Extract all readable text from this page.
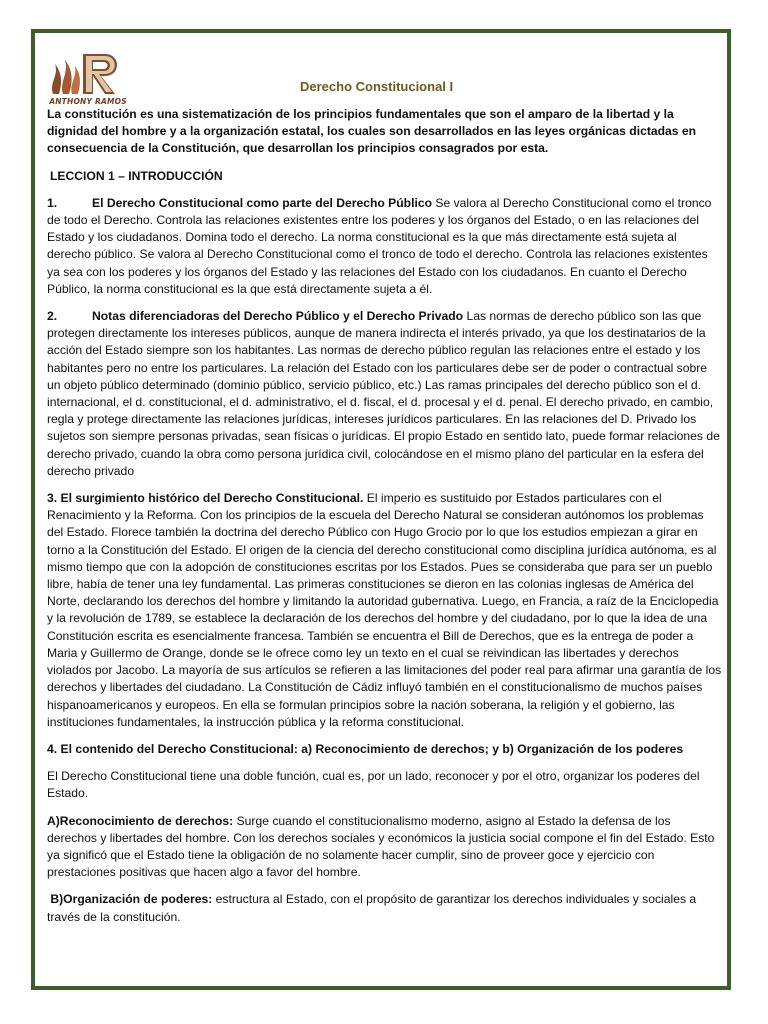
ANTHONY RAMOS
Derecho Constitucional I

La constitución es una sistematización de los principios fundamentales que son el amparo de la libertad y la dignidad del hombre y a la organización estatal, los cuales son desarrollados en las leyes orgánicas dictadas en consecuencia de la Constitución, que desarrollan los principios consagrados por esta.

LECCION 1 – INTRODUCCIÓN

1.	El Derecho Constitucional como parte del Derecho Público Se valora al Derecho Constitucional como el tronco de todo el Derecho. Controla las relaciones existentes entre los poderes y los órganos del Estado, o en las relaciones del Estado y los ciudadanos. Domina todo el derecho. La norma constitucional es la que más directamente está sujeta al derecho público. Se valora al Derecho Constitucional como el tronco de todo el derecho. Controla las relaciones existentes ya sea con los poderes y los órganos del Estado y las relaciones del Estado con los ciudadanos. En cuanto el Derecho Público, la norma constitucional es la que está directamente sujeta a él.

2.	Notas diferenciadoras del Derecho Público y el Derecho Privado Las normas de derecho público son las que protegen directamente los intereses públicos, aunque de manera indirecta el interés privado, ya que los destinatarios de la acción del Estado siempre son los habitantes. Las normas de derecho público regulan las relaciones entre el estado y los habitantes pero no entre los particulares. La relación del Estado con los particulares debe ser de poder o contractual sobre un objeto público determinado (dominio público, servicio público, etc.) Las ramas principales del derecho público son el d. internacional, el d. constitucional, el d. administrativo, el d. fiscal, el d. procesal y el d. penal. El derecho privado, en cambio, regla y protege directamente las relaciones jurídicas, intereses jurídicos particulares. En las relaciones del D. Privado los sujetos son siempre personas privadas, sean físicas o jurídicas. El propio Estado en sentido lato, puede formar relaciones de derecho privado, cuando la obra como persona jurídica civil, colocándose en el mismo plano del particular en la esfera del derecho privado

3. El surgimiento histórico del Derecho Constitucional. El imperio es sustituido por Estados particulares con el Renacimiento y la Reforma. Con los principios de la escuela del Derecho Natural se consideran autónomos los problemas del Estado. Florece también la doctrina del derecho Público con Hugo Grocio por lo que los estudios empiezan a girar en torno a la Constitución del Estado. El origen de la ciencia del derecho constitucional como disciplina jurídica autónoma, es al mismo tiempo que con la adopción de constituciones escritas por los Estados. Pues se consideraba que para ser un pueblo libre, había de tener una ley fundamental. Las primeras constituciones se dieron en las colonias inglesas de América del Norte, declarando los derechos del hombre y limitando la autoridad gubernativa. Luego, en Francia, a raíz de la Enciclopedia y la revolución de 1789, se establece la declaración de los derechos del hombre y del ciudadano, por lo que la idea de una Constitución escrita es esencialmente francesa. También se encuentra el Bill de Derechos, que es la entrega de poder a Maria y Guillermo de Orange, donde se le ofrece como ley un texto en el cual se reivindican las libertades y derechos violados por Jacobo. La mayoría de sus artículos se refieren a las limitaciones del poder real para afirmar una garantía de los derechos y libertades del ciudadano. La Constitución de Cádiz influyó también en el constitucionalismo de muchos países hispanoamericanos y europeos. En ella se formulan principios sobre la nación soberana, la religión y el gobierno, las instituciones fundamentales, la instrucción pública y la reforma constitucional.

4. El contenido del Derecho Constitucional: a) Reconocimiento de derechos; y b) Organización de los poderes

El Derecho Constitucional tiene una doble función, cual es, por un lado, reconocer y por el otro, organizar los poderes del Estado.

A)Reconocimiento de derechos: Surge cuando el constitucionalismo moderno, asigno al Estado la defensa de los derechos y libertades del hombre. Con los derechos sociales y económicos la justicia social compone el fin del Estado. Esto ya significó que el Estado tiene la obligación de no solamente hacer cumplir, sino de proveer goce y ejercicio con prestaciones positivas que hacen algo a favor del hombre.

B)Organización de poderes: estructura al Estado, con el propósito de garantizar los derechos individuales y sociales a través de la constitución.
